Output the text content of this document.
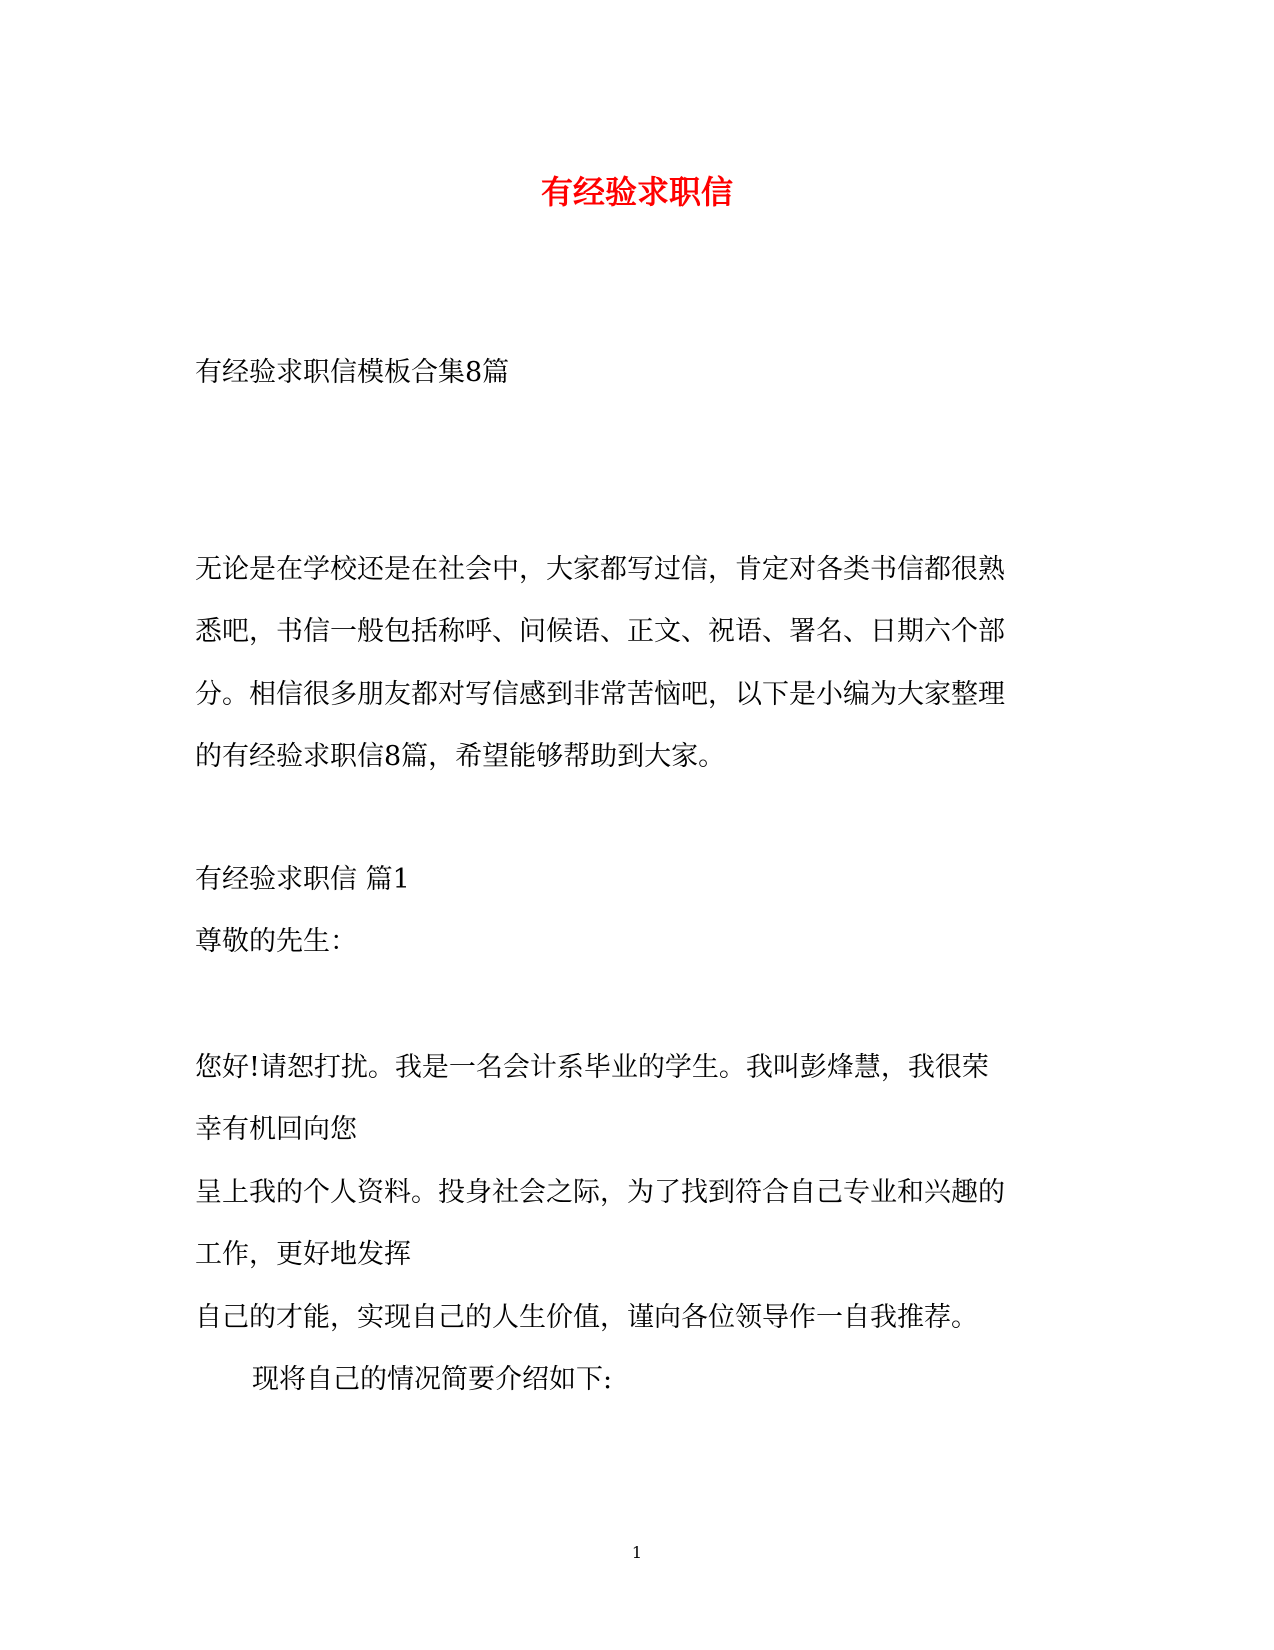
有经验求职信

有经验求职信模板合集8篇

无论是在学校还是在社会中，大家都写过信，肯定对各类书信都很熟

悉吧，书信一般包括称呼、问候语、正文、祝语、署名、日期六个部

分。相信很多朋友都对写信感到非常苦恼吧，以下是小编为大家整理

的有经验求职信8篇，希望能够帮助到大家。

有经验求职信 篇1

尊敬的先生：

您好!请恕打扰。我是一名会计系毕业的学生。我叫彭烽慧，我很荣

幸有机回向您

呈上我的个人资料。投身社会之际，为了找到符合自己专业和兴趣的

工作，更好地发挥

自己的才能，实现自己的人生价值，谨向各位领导作一自我推荐。

现将自己的情况简要介绍如下:

1
